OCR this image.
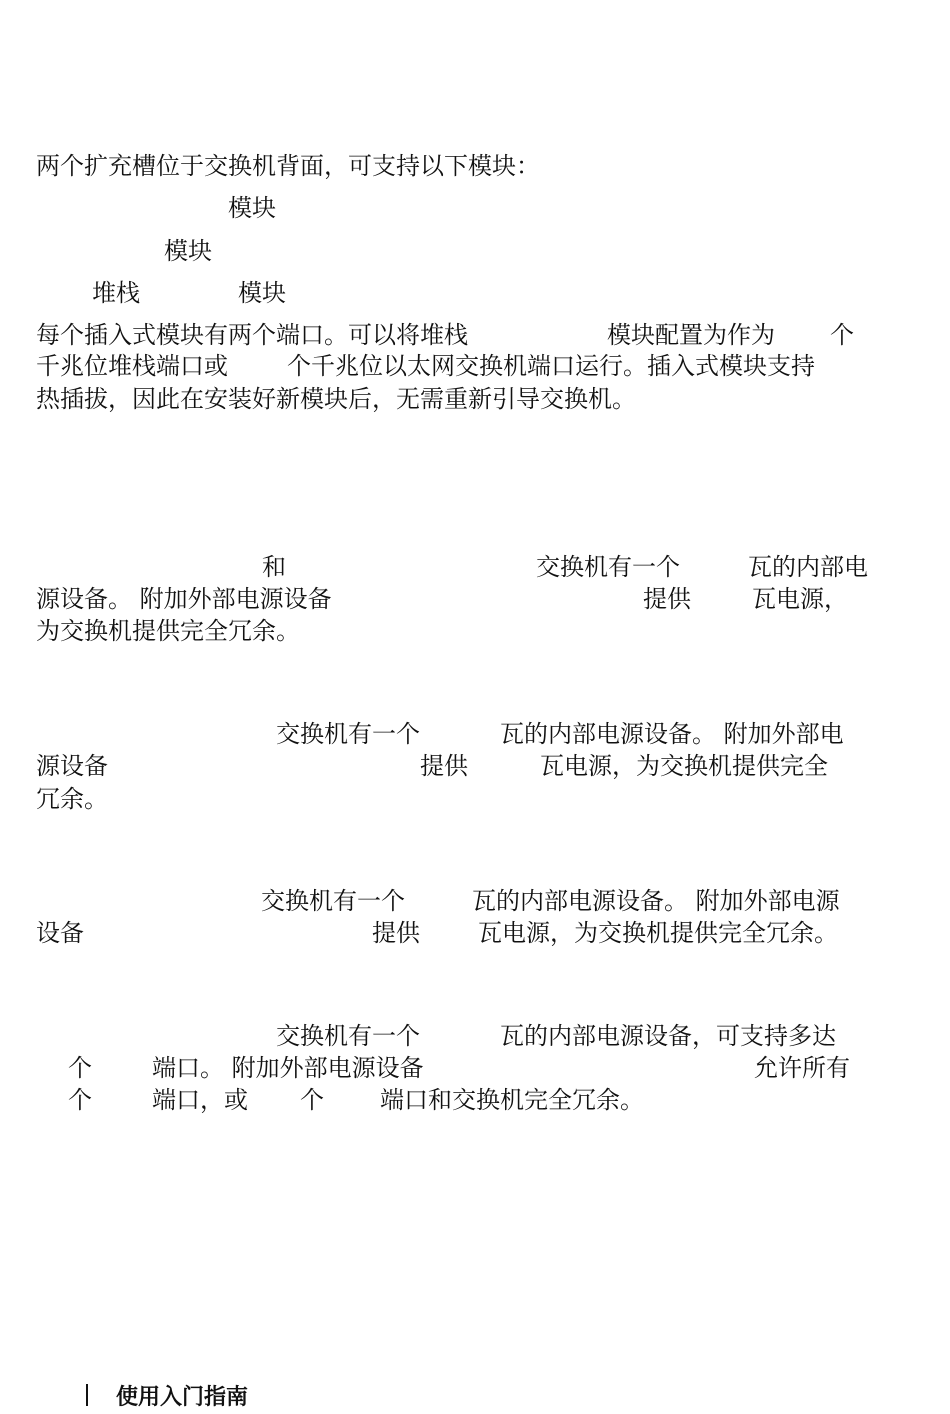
两个扩充槽位于交换机背面，可支持以下模块：
模块
模块
堆栈	模块
每个插入式模块有两个端口。可以将堆栈	模块配置为作为 个
千兆位堆栈端口或 个千兆位以太网交换机端口运行。插入式模块支持
热插拔，因此在安装好新模块后，无需重新引导交换机。
和	交换机有一个	瓦的内部电
源设备。 附加外部电源设备	提供	瓦电源，
为交换机提供完全冗余。
交换机有一个	瓦的内部电源设备。 附加外部电
源设备	提供	瓦电源，为交换机提供完全
冗余。
交换机有一个	瓦的内部电源设备。 附加外部电源
设备	提供 瓦电源，为交换机提供完全冗余。
交换机有一个	瓦的内部电源设备，可支持多达
个	端口。 附加外部电源设备	允许所有
个	端口，或 个 端口和交换机完全冗余。
使用入门指南
